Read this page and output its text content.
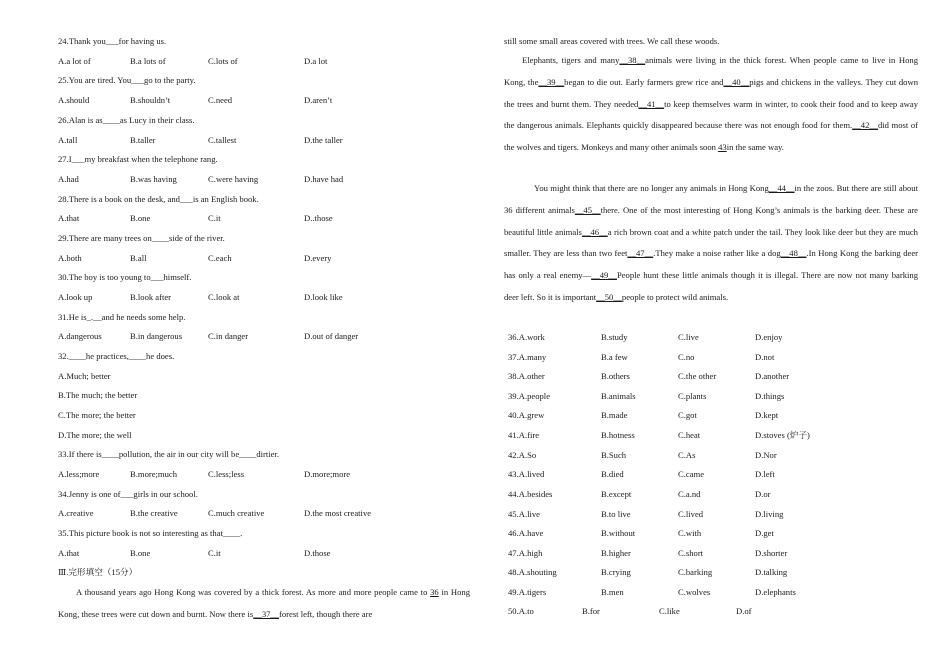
24.Thank you___for having us.
A.a lot of	B.a lots of	C.lots of	D.a lot
25.You are tired. You___go to the party.
A.should	B.shouldn’t	C.need	D.aren’t
26.Alan is as____as Lucy in their class.
A.tall	B.taller	C.tallest	D.the taller
27.I___my breakfast when the telephone rang.
A.had	B.was having	C.were having	D.have had
28.There is a book on the desk, and___is an English book.
A.that	B.one	C.it	D..those
29.There are many trees on____side of the river.
A.both	B.all	C.each	D.every
30.The boy is too young to___himself.
A.look up	B.look after	C.look at	D.look like
31.He is_.__and he needs some help.
A.dangerous	B.in dangerous	C.in danger	D.out of danger
32.____he practices,____he does.
A.Much; better
B.The much; the better
C.The more; the better
D.The more; the well
33.If there is____pollution, the air in our city will be____dirtier.
A.less;more	B.more;much	C.less;less	D.more;more
34.Jenny is one of___girls in our school.
A.creative	B.the creative	C.much creative	D.the most creative
35.This picture book is not so interesting as that____.
A.that	B.one	C.it	D.those
Ⅲ.完形填空（15分）
A thousand years ago Hong Kong was covered by a thick forest. As more and more people came to 36 in Hong Kong, these trees were cut down and burnt. Now there is__37__forest left, though there are
still some small areas covered with trees. We call these woods.
Elephants, tigers and many__38__animals were living in the thick forest. When people came to live in Hong Kong, the__39__began to die out. Early farmers grew rice and__40__pigs and chickens in the valleys. They cut down the trees and burnt them. They needed__41__to keep themselves warm in winter, to cook their food and to keep away the dangerous animals. Elephants quickly disappeared because there was not enough food for them.__42__did most of the wolves and tigers. Monkeys and many other animals soon 43in the same way.
You might think that there are no longer any animals in Hong Kong__44__in the zoos. But there are still about 36 different animals__45__there. One of the most interesting of Hong Kong’s animals is the barking deer. These are beautiful little animals__46__a rich brown coat and a white patch under the tail. They look like deer but they are much smaller. They are less than two feet__47__.They make a noise rather like a dog__48__.In Hong Kong the barking deer has only a real enemy—__49__People hunt these little animals though it is illegal. There are now not many barking deer left. So it is important__50__people to protect wild animals.
36.A.work	B.study	C.live	D.enjoy
37.A.many	B.a few	C.no	D.not
38.A.other	B.others	C.the other	D.another
39.A.people	B.animals	C.plants	D.things
40.A.grew	B.made	C.got	D.kept
41.A.fire	B.hotness	C.heat	D.stoves (炉子)
42.A.So	B.Such	C.As	D.Nor
43.A.lived	B.died	C.came	D.left
44.A.besides	B.except	C.a.nd	D.or
45.A.live	B.to live	C.lived	D.living
46.A.have	B.without	C.with	D.get
47.A.high	B.higher	C.short	D.shorter
48.A.shouting	B.crying	C.barking	D.talking
49.A.tigers	B.men	C.wolves	D.elephants
50.A.to	B.for	C.like	D.of
